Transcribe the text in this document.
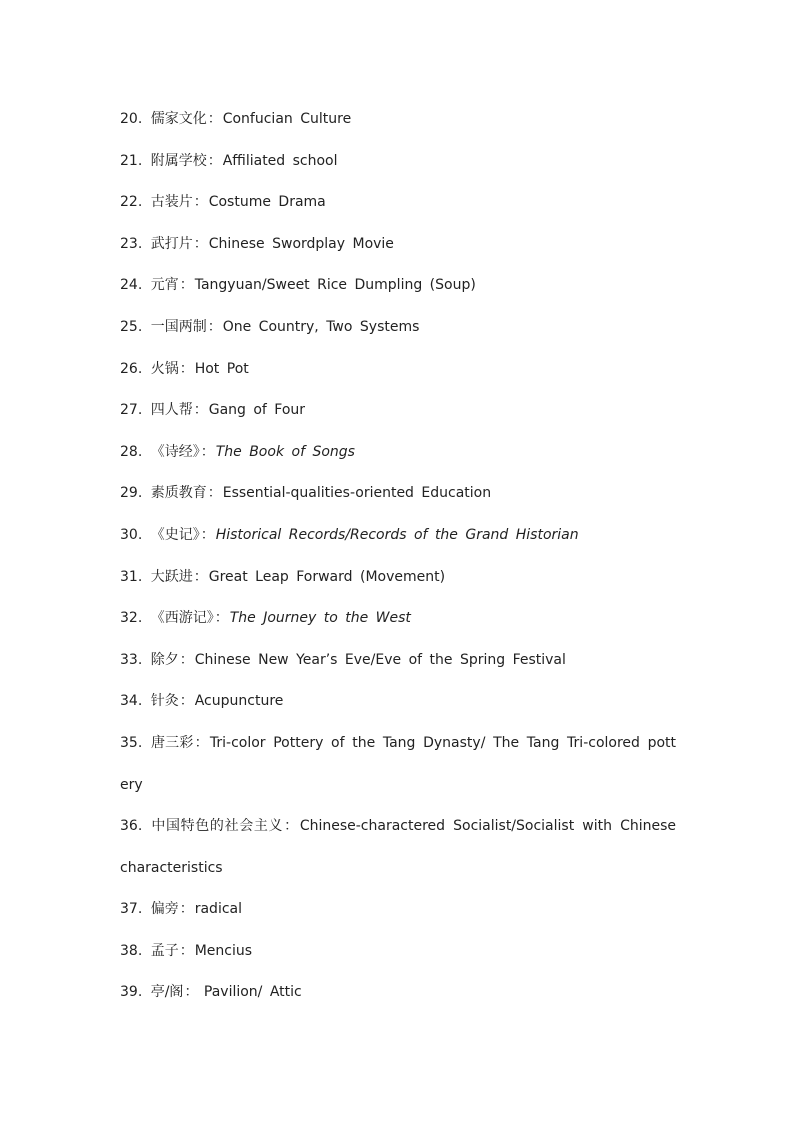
20. 儒家文化：Confucian Culture
21. 附属学校：Affiliated school
22. 古装片：Costume Drama
23. 武打片：Chinese Swordplay Movie
24. 元宵：Tangyuan/Sweet Rice Dumpling (Soup)
25. 一国两制：One Country, Two Systems
26. 火锅：Hot Pot
27. 四人帮：Gang of Four
28. 《诗经》：The Book of Songs
29. 素质教育：Essential-qualities-oriented Education
30. 《史记》：Historical Records/Records of the Grand Historian
31. 大跃进：Great Leap Forward (Movement)
32. 《西游记》：The Journey to the West
33. 除夕：Chinese New Year’s Eve/Eve of the Spring Festival
34. 针灸：Acupuncture
35. 唐三彩：Tri-color Pottery of the Tang Dynasty/ The Tang Tri-colored pottery
36. 中国特色的社会主义：Chinese-charactered Socialist/Socialist with Chinese characteristics
37. 偏旁：radical
38. 孟子：Mencius
39. 亭/阁： Pavilion/ Attic
